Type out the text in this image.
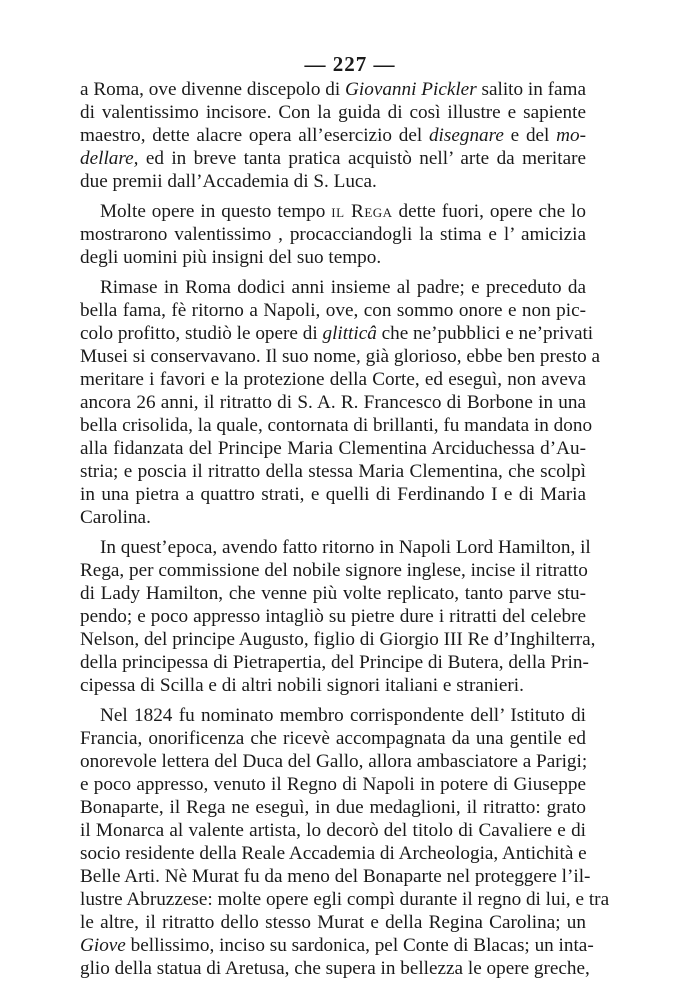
— 227 —
a Roma, ove divenne discepolo di Giovanni Pickler salito in fama
di valentissimo incisore. Con la guida di così illustre e sapiente
maestro, dette alacre opera all’esercizio del disegnare e del mo-
dellare, ed in breve tanta pratica acquistò nell’ arte da meritare
due premii dall’Accademia di S. Luca.
Molte opere in questo tempo il Rega dette fuori, opere che lo
mostrarono valentissimo , procacciandogli la stima e l’ amicizia
degli uomini più insigni del suo tempo.
Rimase in Roma dodici anni insieme al padre; e preceduto da
bella fama, fè ritorno a Napoli, ove, con sommo onore e non pic-
colo profitto, studiò le opere di glitticâ che ne’pubblici e ne’privati
Musei si conservavano. Il suo nome, già glorioso, ebbe ben presto a
meritare i favori e la protezione della Corte, ed eseguì, non aveva
ancora 26 anni, il ritratto di S. A. R. Francesco di Borbone in una
bella crisolida, la quale, contornata di brillanti, fu mandata in dono
alla fidanzata del Principe Maria Clementina Arciduchessa d’Au-
stria; e poscia il ritratto della stessa Maria Clementina, che scolpì
in una pietra a quattro strati, e quelli di Ferdinando I e di Maria
Carolina.
In quest’epoca, avendo fatto ritorno in Napoli Lord Hamilton, il
Rega, per commissione del nobile signore inglese, incise il ritratto
di Lady Hamilton, che venne più volte replicato, tanto parve stu-
pendo; e poco appresso intagliò su pietre dure i ritratti del celebre
Nelson, del principe Augusto, figlio di Giorgio III Re d’Inghilterra,
della principessa di Pietrapertia, del Principe di Butera, della Prin-
cipessa di Scilla e di altri nobili signori italiani e stranieri.
Nel 1824 fu nominato membro corrispondente dell’ Istituto di
Francia, onorificenza che ricevè accompagnata da una gentile ed
onorevole lettera del Duca del Gallo, allora ambasciatore a Parigi;
e poco appresso, venuto il Regno di Napoli in potere di Giuseppe
Bonaparte, il Rega ne eseguì, in due medaglioni, il ritratto: grato
il Monarca al valente artista, lo decorò del titolo di Cavaliere e di
socio residente della Reale Accademia di Archeologia, Antichità e
Belle Arti. Nè Murat fu da meno del Bonaparte nel proteggere l’il-
lustre Abruzzese: molte opere egli compì durante il regno di lui, e tra
le altre, il ritratto dello stesso Murat e della Regina Carolina; un
Giove bellissimo, inciso su sardonica, pel Conte di Blacas; un inta-
glio della statua di Aretusa, che supera in bellezza le opere greche,
